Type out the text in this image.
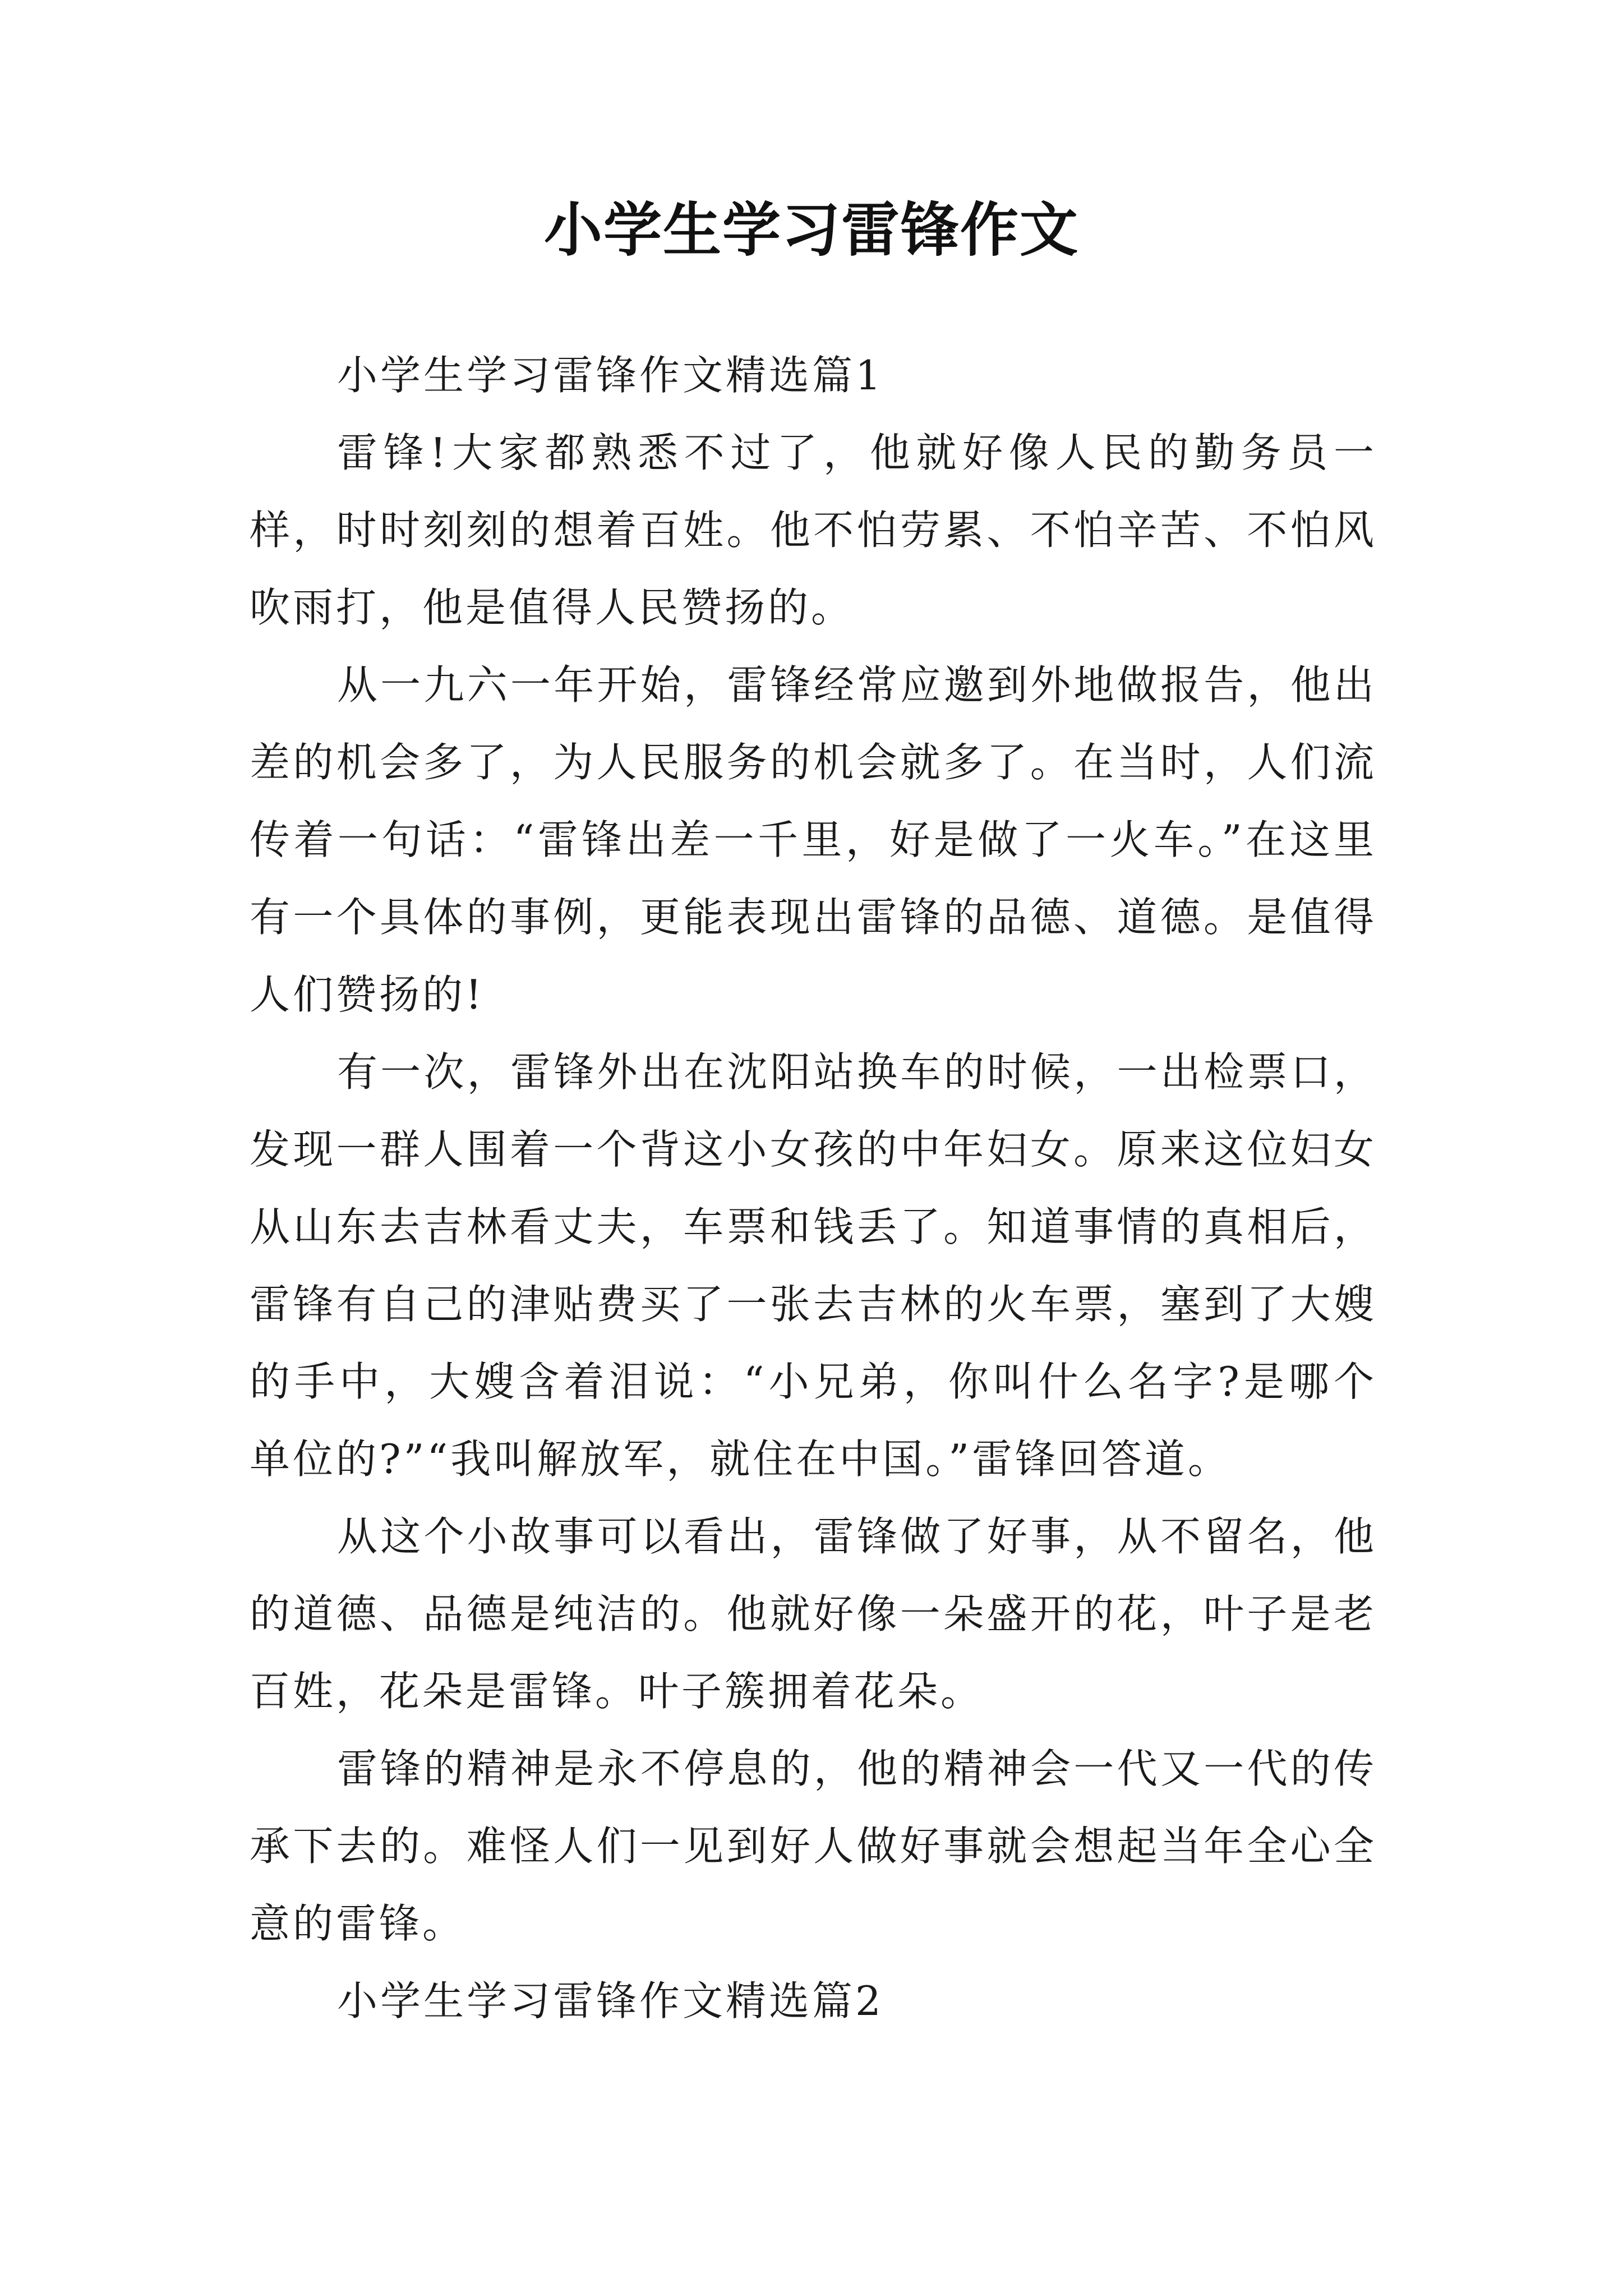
小学生学习雷锋作文

小学生学习雷锋作文精选篇1

雷锋!大家都熟悉不过了，他就好像人民的勤务员一样，时时刻刻的想着百姓。他不怕劳累、不怕辛苦、不怕风吹雨打，他是值得人民赞扬的。

从一九六一年开始，雷锋经常应邀到外地做报告，他出差的机会多了，为人民服务的机会就多了。在当时，人们流传着一句话：“雷锋出差一千里，好是做了一火车。”在这里有一个具体的事例，更能表现出雷锋的品德、道德。是值得人们赞扬的!

有一次，雷锋外出在沈阳站换车的时候，一出检票口，发现一群人围着一个背这小女孩的中年妇女。原来这位妇女从山东去吉林看丈夫，车票和钱丢了。知道事情的真相后，雷锋有自己的津贴费买了一张去吉林的火车票，塞到了大嫂的手中，大嫂含着泪说：“小兄弟，你叫什么名字?是哪个单位的?”“我叫解放军，就住在中国。”雷锋回答道。

从这个小故事可以看出，雷锋做了好事，从不留名，他的道德、品德是纯洁的。他就好像一朵盛开的花，叶子是老百姓，花朵是雷锋。叶子簇拥着花朵。

雷锋的精神是永不停息的，他的精神会一代又一代的传承下去的。难怪人们一见到好人做好事就会想起当年全心全意的雷锋。

小学生学习雷锋作文精选篇2
